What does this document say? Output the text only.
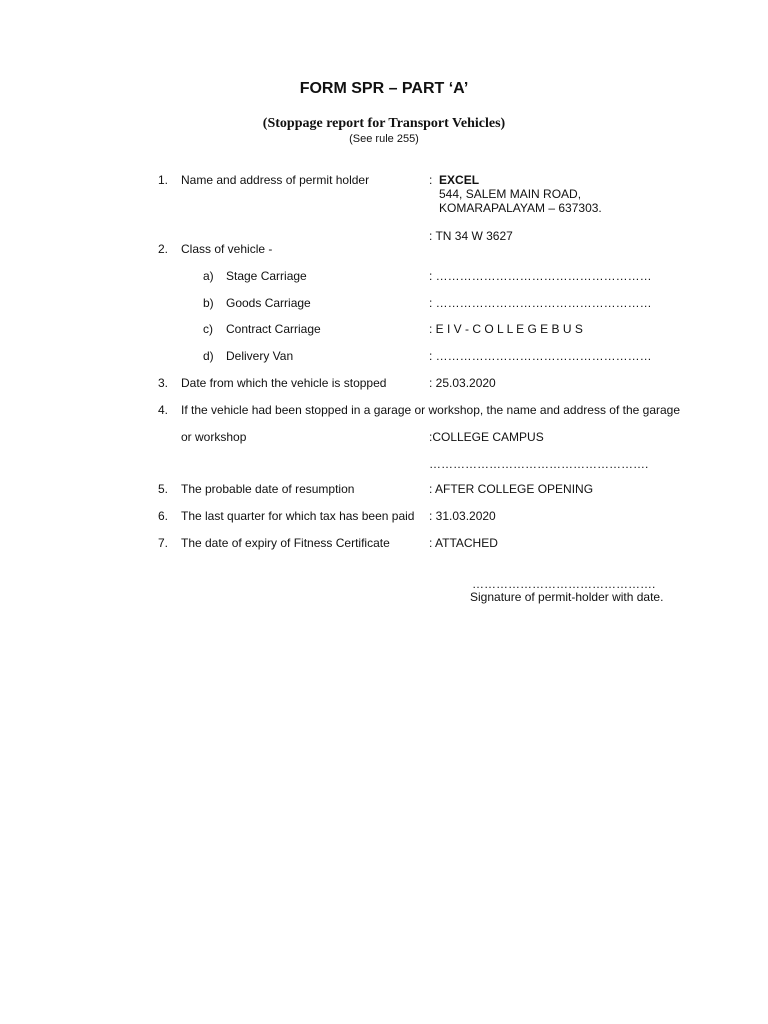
FORM SPR – PART ‘A’
(Stoppage report for Transport Vehicles)
(See rule 255)
1. Name and address of permit holder	: EXCEL
544, SALEM MAIN ROAD,
KOMARAPALAYAM – 637303.
: TN 34 W 3627
2. Class of vehicle -
a) Stage Carriage	: ………………………………………………
b) Goods Carriage	: ………………………………………………
c) Contract Carriage	: E I V - C O L L E G E B U S
d) Delivery Van	: ………………………………………………
3. Date from which the vehicle is stopped	: 25.03.2020
4. If the vehicle had been stopped in a garage or workshop, the name and address of the garage
or workshop	:COLLEGE CAMPUS
……………………………………………….
5. The probable date of resumption	: AFTER COLLEGE OPENING
6. The last quarter for which tax has been paid : 31.03.2020
7. The date of expiry of Fitness Certificate	: ATTACHED
……………………………………….
Signature of permit-holder with date.
